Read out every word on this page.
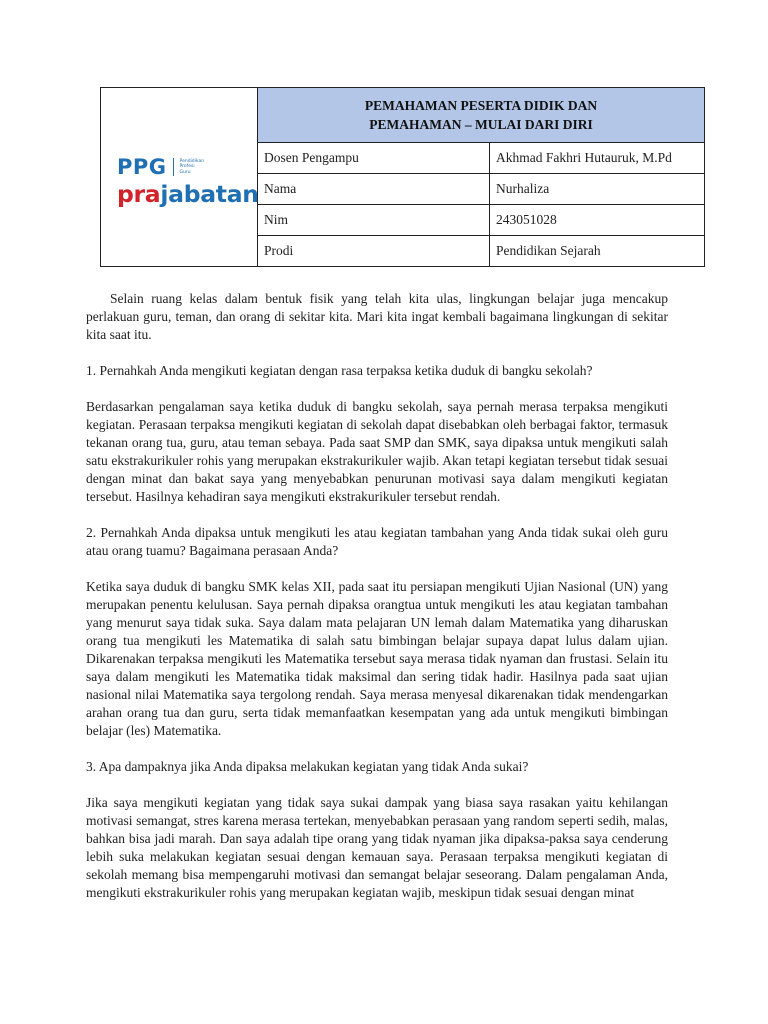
PPG	Pendidikan
Profesi
Guru
prajabatan
PEMAHAMAN PESERTA DIDIK DAN
PEMAHAMAN – MULAI DARI DIRI
Dosen Pengampu	Akhmad Fakhri Hutauruk, M.Pd
Nama	Nurhaliza
Nim	243051028
Prodi	Pendidikan Sejarah

Selain ruang kelas dalam bentuk fisik yang telah kita ulas, lingkungan belajar juga mencakup perlakuan guru, teman, dan orang di sekitar kita. Mari kita ingat kembali bagaimana lingkungan di sekitar kita saat itu.

1. Pernahkah Anda mengikuti kegiatan dengan rasa terpaksa ketika duduk di bangku sekolah?

Berdasarkan pengalaman saya ketika duduk di bangku sekolah, saya pernah merasa terpaksa mengikuti kegiatan. Perasaan terpaksa mengikuti kegiatan di sekolah dapat disebabkan oleh berbagai faktor, termasuk tekanan orang tua, guru, atau teman sebaya. Pada saat SMP dan SMK, saya dipaksa untuk mengikuti salah satu ekstrakurikuler rohis yang merupakan ekstrakurikuler wajib. Akan tetapi kegiatan tersebut tidak sesuai dengan minat dan bakat saya yang menyebabkan penurunan motivasi saya dalam mengikuti kegiatan tersebut. Hasilnya kehadiran saya mengikuti ekstrakurikuler tersebut rendah.

2. Pernahkah Anda dipaksa untuk mengikuti les atau kegiatan tambahan yang Anda tidak sukai oleh guru atau orang tuamu? Bagaimana perasaan Anda?

Ketika saya duduk di bangku SMK kelas XII, pada saat itu persiapan mengikuti Ujian Nasional (UN) yang merupakan penentu kelulusan. Saya pernah dipaksa orangtua untuk mengikuti les atau kegiatan tambahan yang menurut saya tidak suka. Saya dalam mata pelajaran UN lemah dalam Matematika yang diharuskan orang tua mengikuti les Matematika di salah satu bimbingan belajar supaya dapat lulus dalam ujian. Dikarenakan terpaksa mengikuti les Matematika tersebut saya merasa tidak nyaman dan frustasi. Selain itu saya dalam mengikuti les Matematika tidak maksimal dan sering tidak hadir. Hasilnya pada saat ujian nasional nilai Matematika saya tergolong rendah. Saya merasa menyesal dikarenakan tidak mendengarkan arahan orang tua dan guru, serta tidak memanfaatkan kesempatan yang ada untuk mengikuti bimbingan belajar (les) Matematika.

3. Apa dampaknya jika Anda dipaksa melakukan kegiatan yang tidak Anda sukai?

Jika saya mengikuti kegiatan yang tidak saya sukai dampak yang biasa saya rasakan yaitu kehilangan motivasi semangat, stres karena merasa tertekan, menyebabkan perasaan yang random seperti sedih, malas, bahkan bisa jadi marah. Dan saya adalah tipe orang yang tidak nyaman jika dipaksa-paksa saya cenderung lebih suka melakukan kegiatan sesuai dengan kemauan saya. Perasaan terpaksa mengikuti kegiatan di sekolah memang bisa mempengaruhi motivasi dan semangat belajar seseorang. Dalam pengalaman Anda, mengikuti ekstrakurikuler rohis yang merupakan kegiatan wajib, meskipun tidak sesuai dengan minat
